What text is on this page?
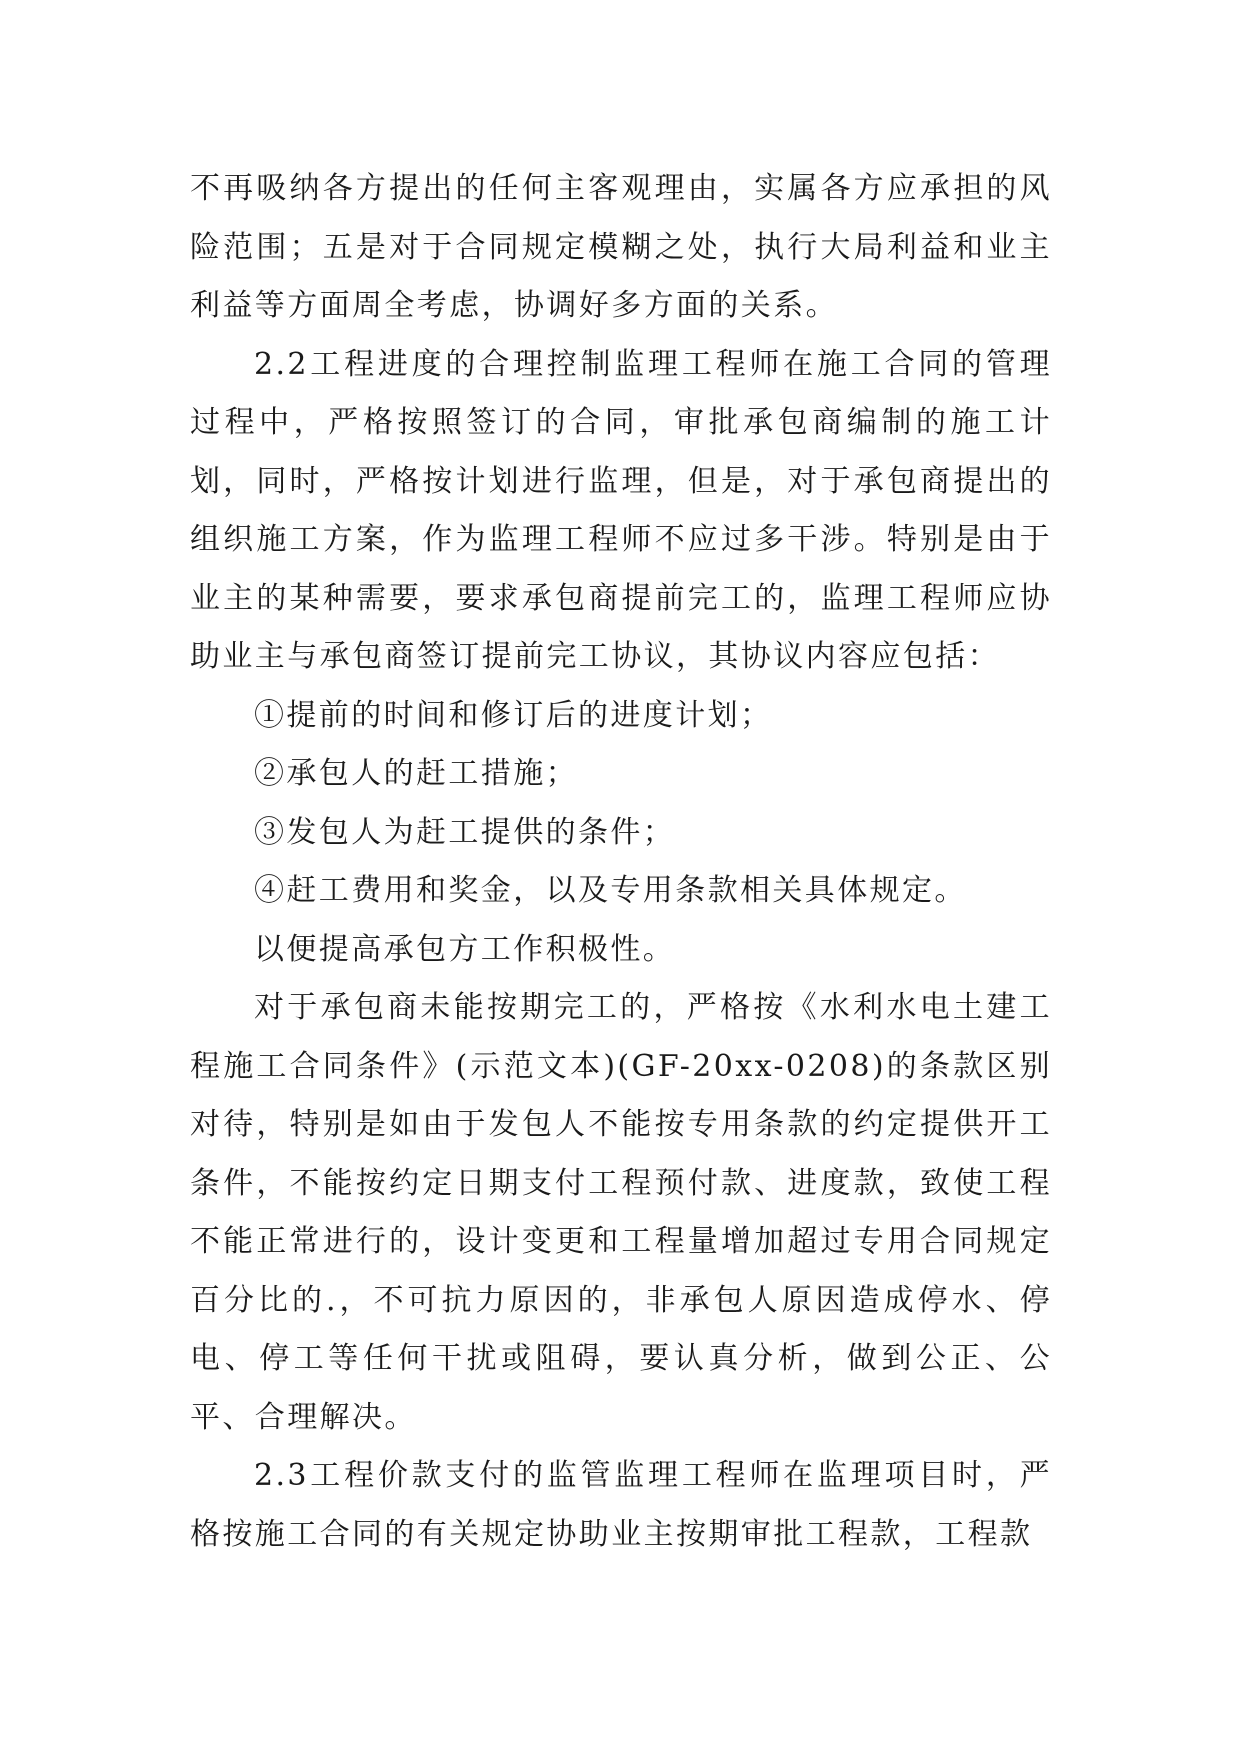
不再吸纳各方提出的任何主客观理由，实属各方应承担的风险范围；五是对于合同规定模糊之处，执行大局利益和业主利益等方面周全考虑，协调好多方面的关系。

2.2工程进度的合理控制监理工程师在施工合同的管理过程中，严格按照签订的合同，审批承包商编制的施工计划，同时，严格按计划进行监理，但是，对于承包商提出的组织施工方案，作为监理工程师不应过多干涉。特别是由于业主的某种需要，要求承包商提前完工的，监理工程师应协助业主与承包商签订提前完工协议，其协议内容应包括：

①提前的时间和修订后的进度计划；

②承包人的赶工措施；

③发包人为赶工提供的条件；

④赶工费用和奖金，以及专用条款相关具体规定。

以便提高承包方工作积极性。

对于承包商未能按期完工的，严格按《水利水电土建工程施工合同条件》(示范文本)(GF-20xx-0208)的条款区别对待，特别是如由于发包人不能按专用条款的约定提供开工条件，不能按约定日期支付工程预付款、进度款，致使工程不能正常进行的，设计变更和工程量增加超过专用合同规定百分比的.，不可抗力原因的，非承包人原因造成停水、停电、停工等任何干扰或阻碍，要认真分析，做到公正、公平、合理解决。

2.3工程价款支付的监管监理工程师在监理项目时，严格按施工合同的有关规定协助业主按期审批工程款，工程款
